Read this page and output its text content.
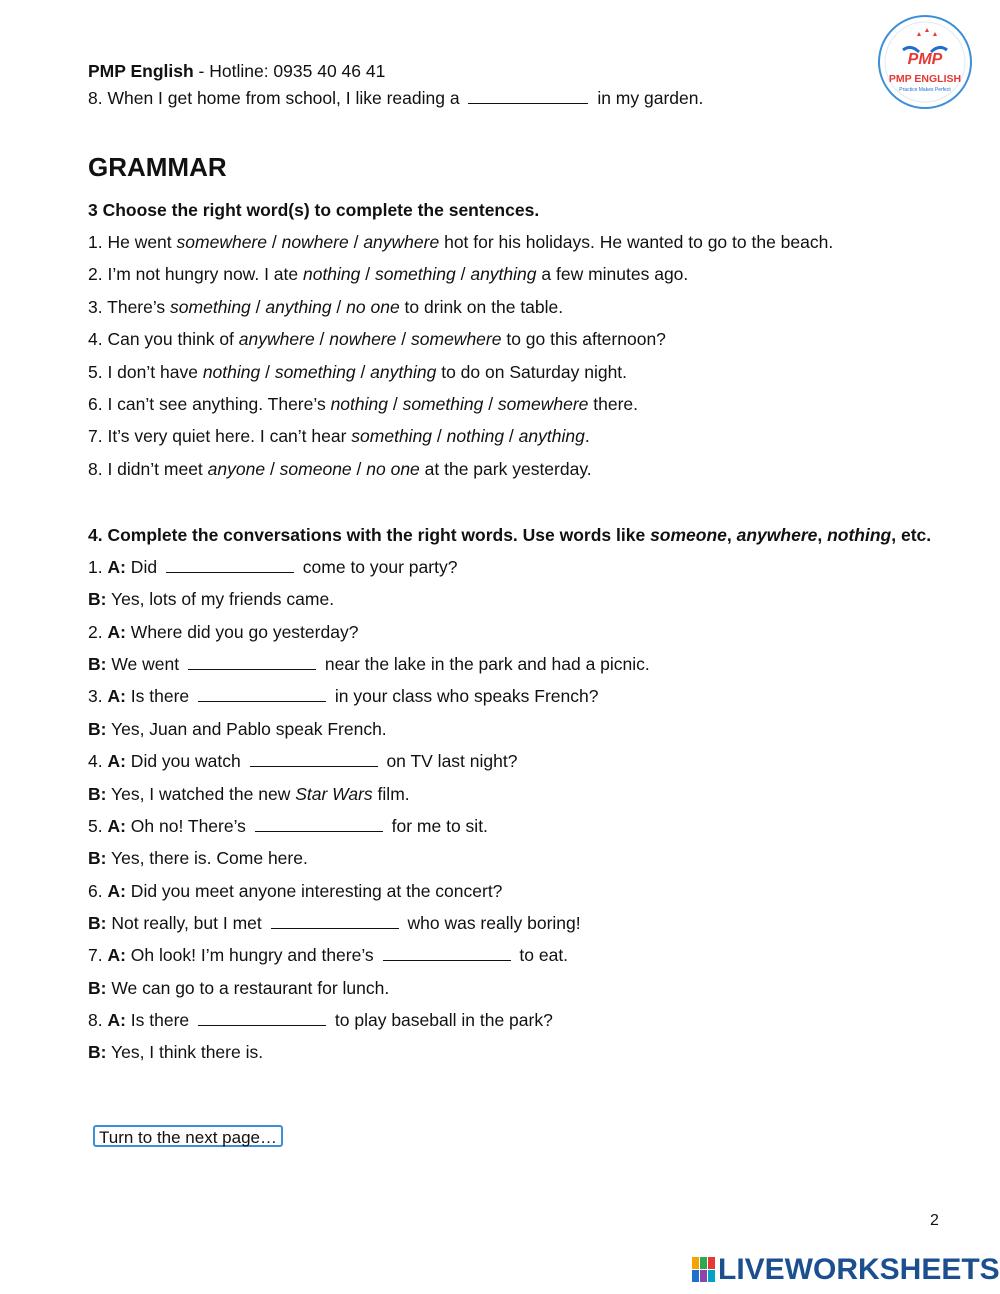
PMP
PMP ENGLISH
Practice Makes Perfect
PMP English - Hotline: 0935 40 46 41
8. When I get home from school, I like reading a	in my garden.
GRAMMAR
3 Choose the right word(s) to complete the sentences.
1. He went somewhere / nowhere / anywhere hot for his holidays. He wanted to go to the beach.
2. I’m not hungry now. I ate nothing / something / anything a few minutes ago.
3. There’s something / anything / no one to drink on the table.
4. Can you think of anywhere / nowhere / somewhere to go this afternoon?
5. I don’t have nothing / something / anything to do on Saturday night.
6. I can’t see anything. There’s nothing / something / somewhere there.
7. It’s very quiet here. I can’t hear something / nothing / anything.
8. I didn’t meet anyone / someone / no one at the park yesterday.
4. Complete the conversations with the right words. Use words like someone, anywhere, nothing, etc.
1. A: Did	come to your party?
B: Yes, lots of my friends came.
2. A: Where did you go yesterday?
B: We went	near the lake in the park and had a picnic.
3. A: Is there	in your class who speaks French?
B: Yes, Juan and Pablo speak French.
4. A: Did you watch	on TV last night?
B: Yes, I watched the new Star Wars film.
5. A: Oh no! There’s	for me to sit.
B: Yes, there is. Come here.
6. A: Did you meet anyone interesting at the concert?
B: Not really, but I met	who was really boring!
7. A: Oh look! I’m hungry and there’s	to eat.
B: We can go to a restaurant for lunch.
8. A: Is there	to play baseball in the park?
B: Yes, I think there is.
Turn to the next page…
2
LIVEWORKSHEETS
